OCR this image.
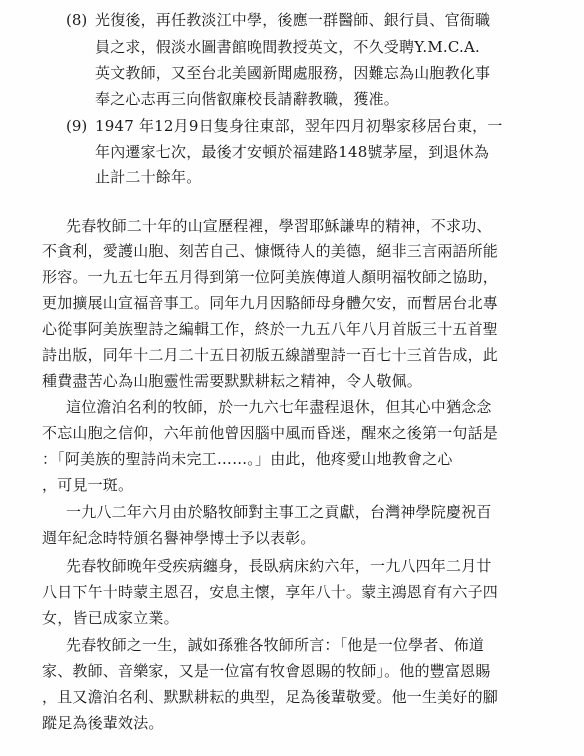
(8) 光復後，再任教淡江中學，後應一群醫師、銀行員、官衙職
員之求，假淡水圖書館晚間教授英文，不久受聘Y.M.C.A.
英文教師，又至台北美國新聞處服務，因難忘為山胞教化事
奉之心志再三向偕叡廉校長請辭教職，獲准。
(9) 1947 年12月9日隻身往東部，翌年四月初舉家移居台東，一
年內遷家七次，最後才安頓於福建路148號茅屋，到退休為
止計二十餘年。
先春牧師二十年的山宣歷程裡，學習耶穌謙卑的精神，不求功、
不貪利，愛護山胞、刻苦自己、慷慨待人的美德，絕非三言兩語所能
形容。一九五七年五月得到第一位阿美族傳道人顏明福牧師之協助，
更加擴展山宣福音事工。同年九月因駱師母身體欠安，而暫居台北專
心從事阿美族聖詩之編輯工作，終於一九五八年八月首版三十五首聖
詩出版，同年十二月二十五日初版五線譜聖詩一百七十三首告成，此
種費盡苦心為山胞靈性需要默默耕耘之精神，令人敬佩。
這位澹泊名利的牧師，於一九六七年盡程退休，但其心中猶念念
不忘山胞之信仰，六年前他曾因腦中風而昏迷，醒來之後第一句話是
：「阿美族的聖詩尚未完工……。」由此，他疼愛山地教會之心
，可見一斑。
一九八二年六月由於駱牧師對主事工之貢獻，台灣神學院慶祝百
週年紀念時特頒名譽神學博士予以表彰。
先春牧師晚年受疾病纏身，長臥病床約六年，一九八四年二月廿
八日下午十時蒙主恩召，安息主懷，享年八十。蒙主鴻恩育有六子四
女，皆已成家立業。
先春牧師之一生，誠如孫雅各牧師所言：「他是一位學者、佈道
家、教師、音樂家，又是一位富有牧會恩賜的牧師」。他的豐富恩賜
，且又澹泊名利、默默耕耘的典型，足為後輩敬愛。他一生美好的腳
蹤足為後輩效法。
